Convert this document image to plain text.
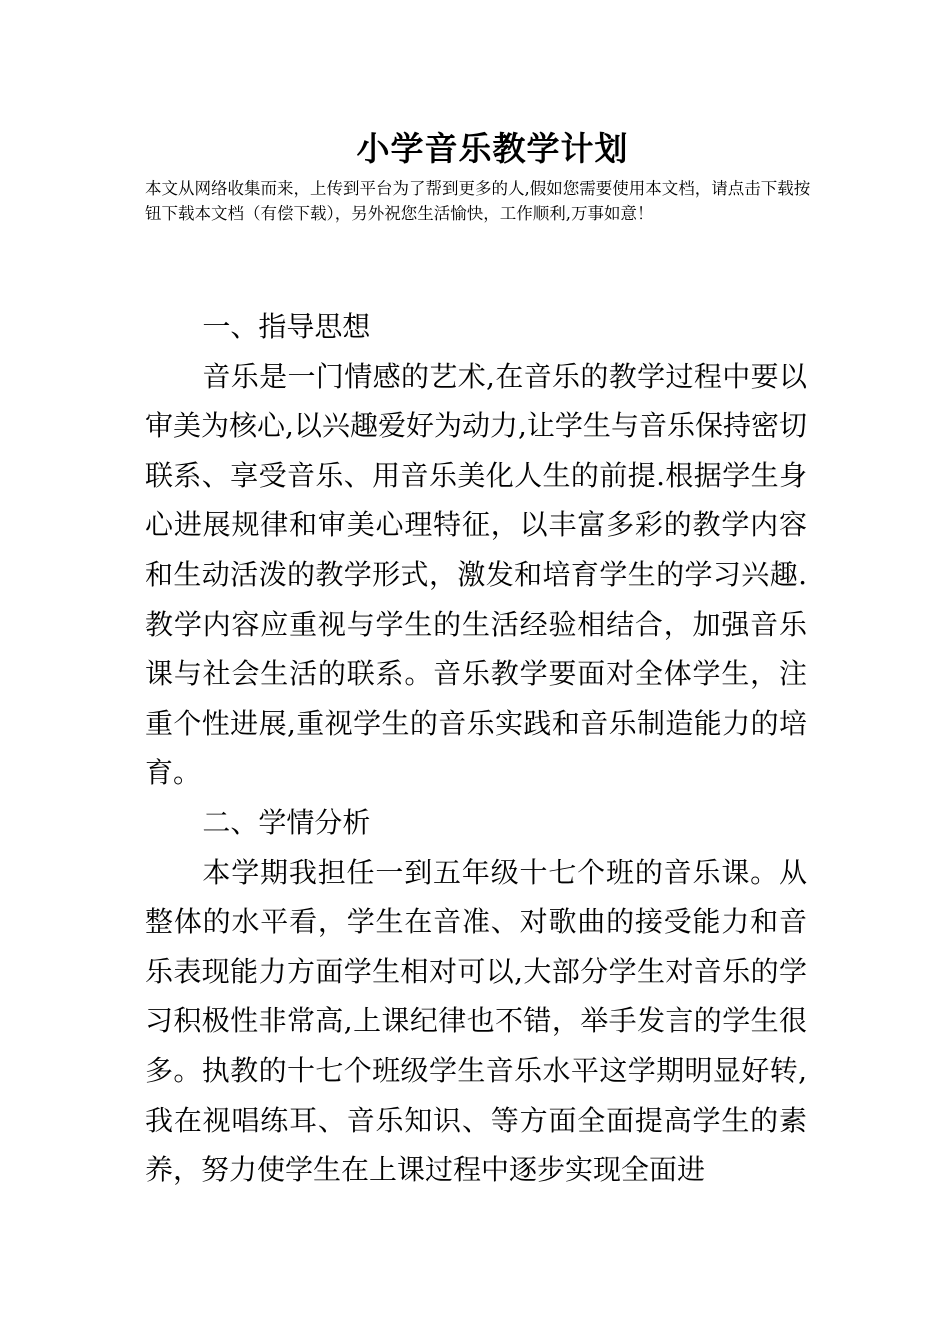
小学音乐教学计划

本文从网络收集而来，上传到平台为了帮到更多的人,假如您需要使用本文档，请点击下载按钮下载本文档（有偿下载），另外祝您生活愉快，工作顺利,万事如意！

一、指导思想

音乐是一门情感的艺术,在音乐的教学过程中要以审美为核心,以兴趣爱好为动力,让学生与音乐保持密切联系、享受音乐、用音乐美化人生的前提.根据学生身心进展规律和审美心理特征，以丰富多彩的教学内容和生动活泼的教学形式，激发和培育学生的学习兴趣.教学内容应重视与学生的生活经验相结合，加强音乐课与社会生活的联系。音乐教学要面对全体学生，注重个性进展,重视学生的音乐实践和音乐制造能力的培育。

二、学情分析

本学期我担任一到五年级十七个班的音乐课。从整体的水平看，学生在音准、对歌曲的接受能力和音乐表现能力方面学生相对可以,大部分学生对音乐的学习积极性非常高,上课纪律也不错，举手发言的学生很多。执教的十七个班级学生音乐水平这学期明显好转,我在视唱练耳、音乐知识、等方面全面提高学生的素养，努力使学生在上课过程中逐步实现全面进
